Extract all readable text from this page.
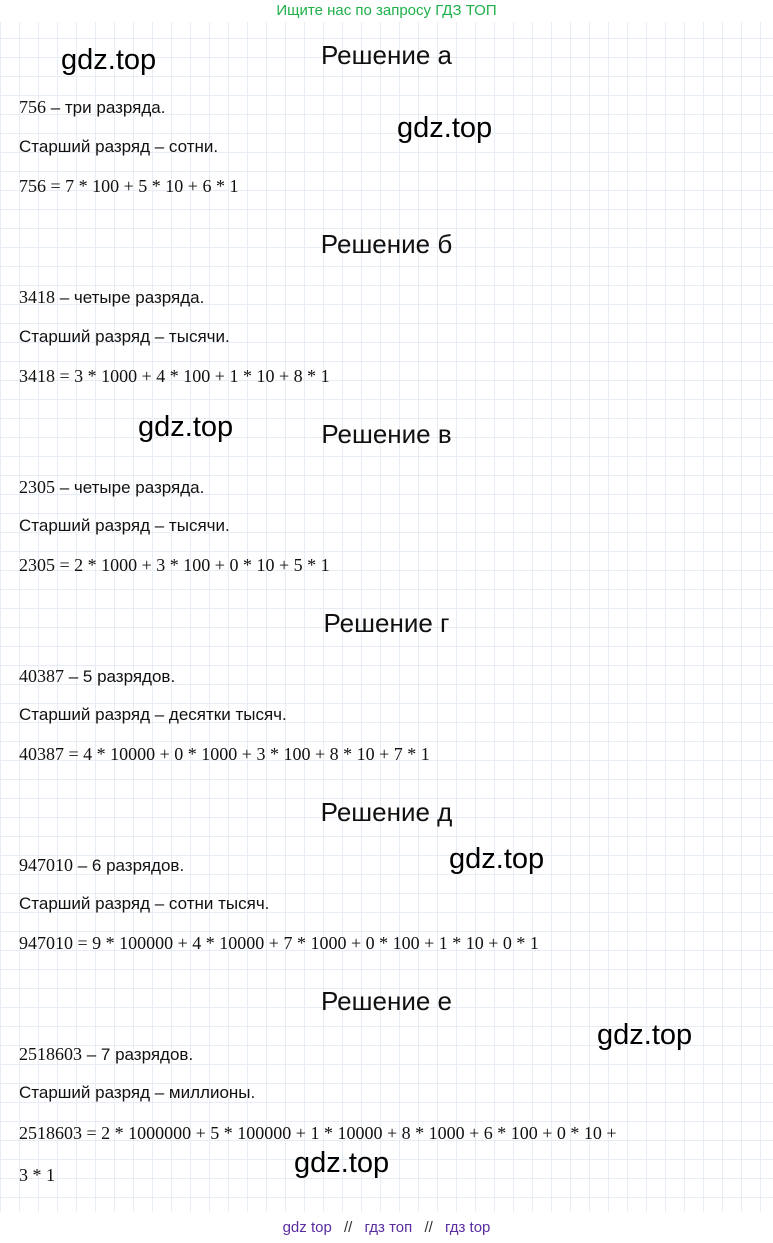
Ищите нас по запросу ГДЗ ТОП
Решение а
756 – три разряда.
Старший разряд – сотни.
756 = 7 * 100 + 5 * 10 + 6 * 1
Решение б
3418 – четыре разряда.
Старший разряд – тысячи.
3418 = 3 * 1000 + 4 * 100 + 1 * 10 + 8 * 1
Решение в
2305 – четыре разряда.
Старший разряд – тысячи.
2305 = 2 * 1000 + 3 * 100 + 0 * 10 + 5 * 1
Решение г
40387 – 5 разрядов.
Старший разряд – десятки тысяч.
40387 = 4 * 10000 + 0 * 1000 + 3 * 100 + 8 * 10 + 7 * 1
Решение д
947010 – 6 разрядов.
Старший разряд – сотни тысяч.
947010 = 9 * 100000 + 4 * 10000 + 7 * 1000 + 0 * 100 + 1 * 10 + 0 * 1
Решение е
2518603 – 7 разрядов.
Старший разряд – миллионы.
2518603 = 2 * 1000000 + 5 * 100000 + 1 * 10000 + 8 * 1000 + 6 * 100 + 0 * 10 +
3 * 1
gdz.top
gdz.top
gdz.top
gdz.top
gdz.top
gdz.top
gdz top // гдз топ // гдз top
